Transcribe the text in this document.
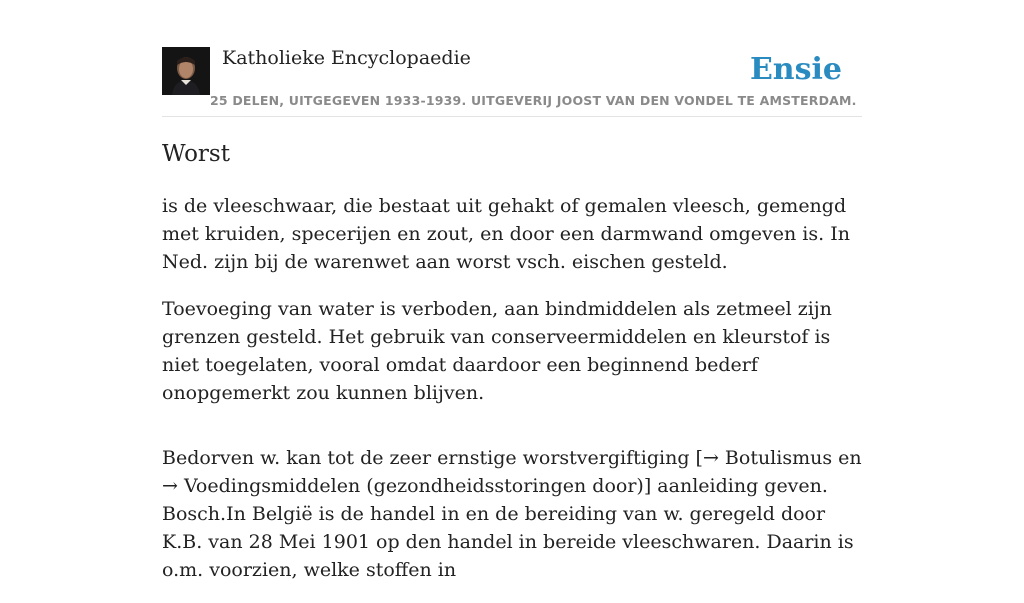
Katholieke Encyclopaedie
25 DELEN, UITGEGEVEN 1933-1939. UITGEVERIJ JOOST VAN DEN VONDEL TE AMSTERDAM.
Ensie
Worst

is de vleeschwaar, die bestaat uit gehakt of gemalen vleesch, gemengd met kruiden, specerijen en zout, en door een darmwand omgeven is. In Ned. zijn bij de warenwet aan worst vsch. eischen gesteld.

Toevoeging van water is verboden, aan bindmiddelen als zetmeel zijn grenzen gesteld. Het gebruik van conserveermiddelen en kleurstof is niet toegelaten, vooral omdat daardoor een beginnend bederf onopgemerkt zou kunnen blijven.

Bedorven w. kan tot de zeer ernstige worstvergiftiging [→ Botulismus en → Voedingsmiddelen (gezondheidsstoringen door)] aanleiding geven. Bosch.In België is de handel in en de bereiding van w. geregeld door K.B. van 28 Mei 1901 op den handel in bereide vleeschwaren. Daarin is o.m. voorzien, welke stoffen in
